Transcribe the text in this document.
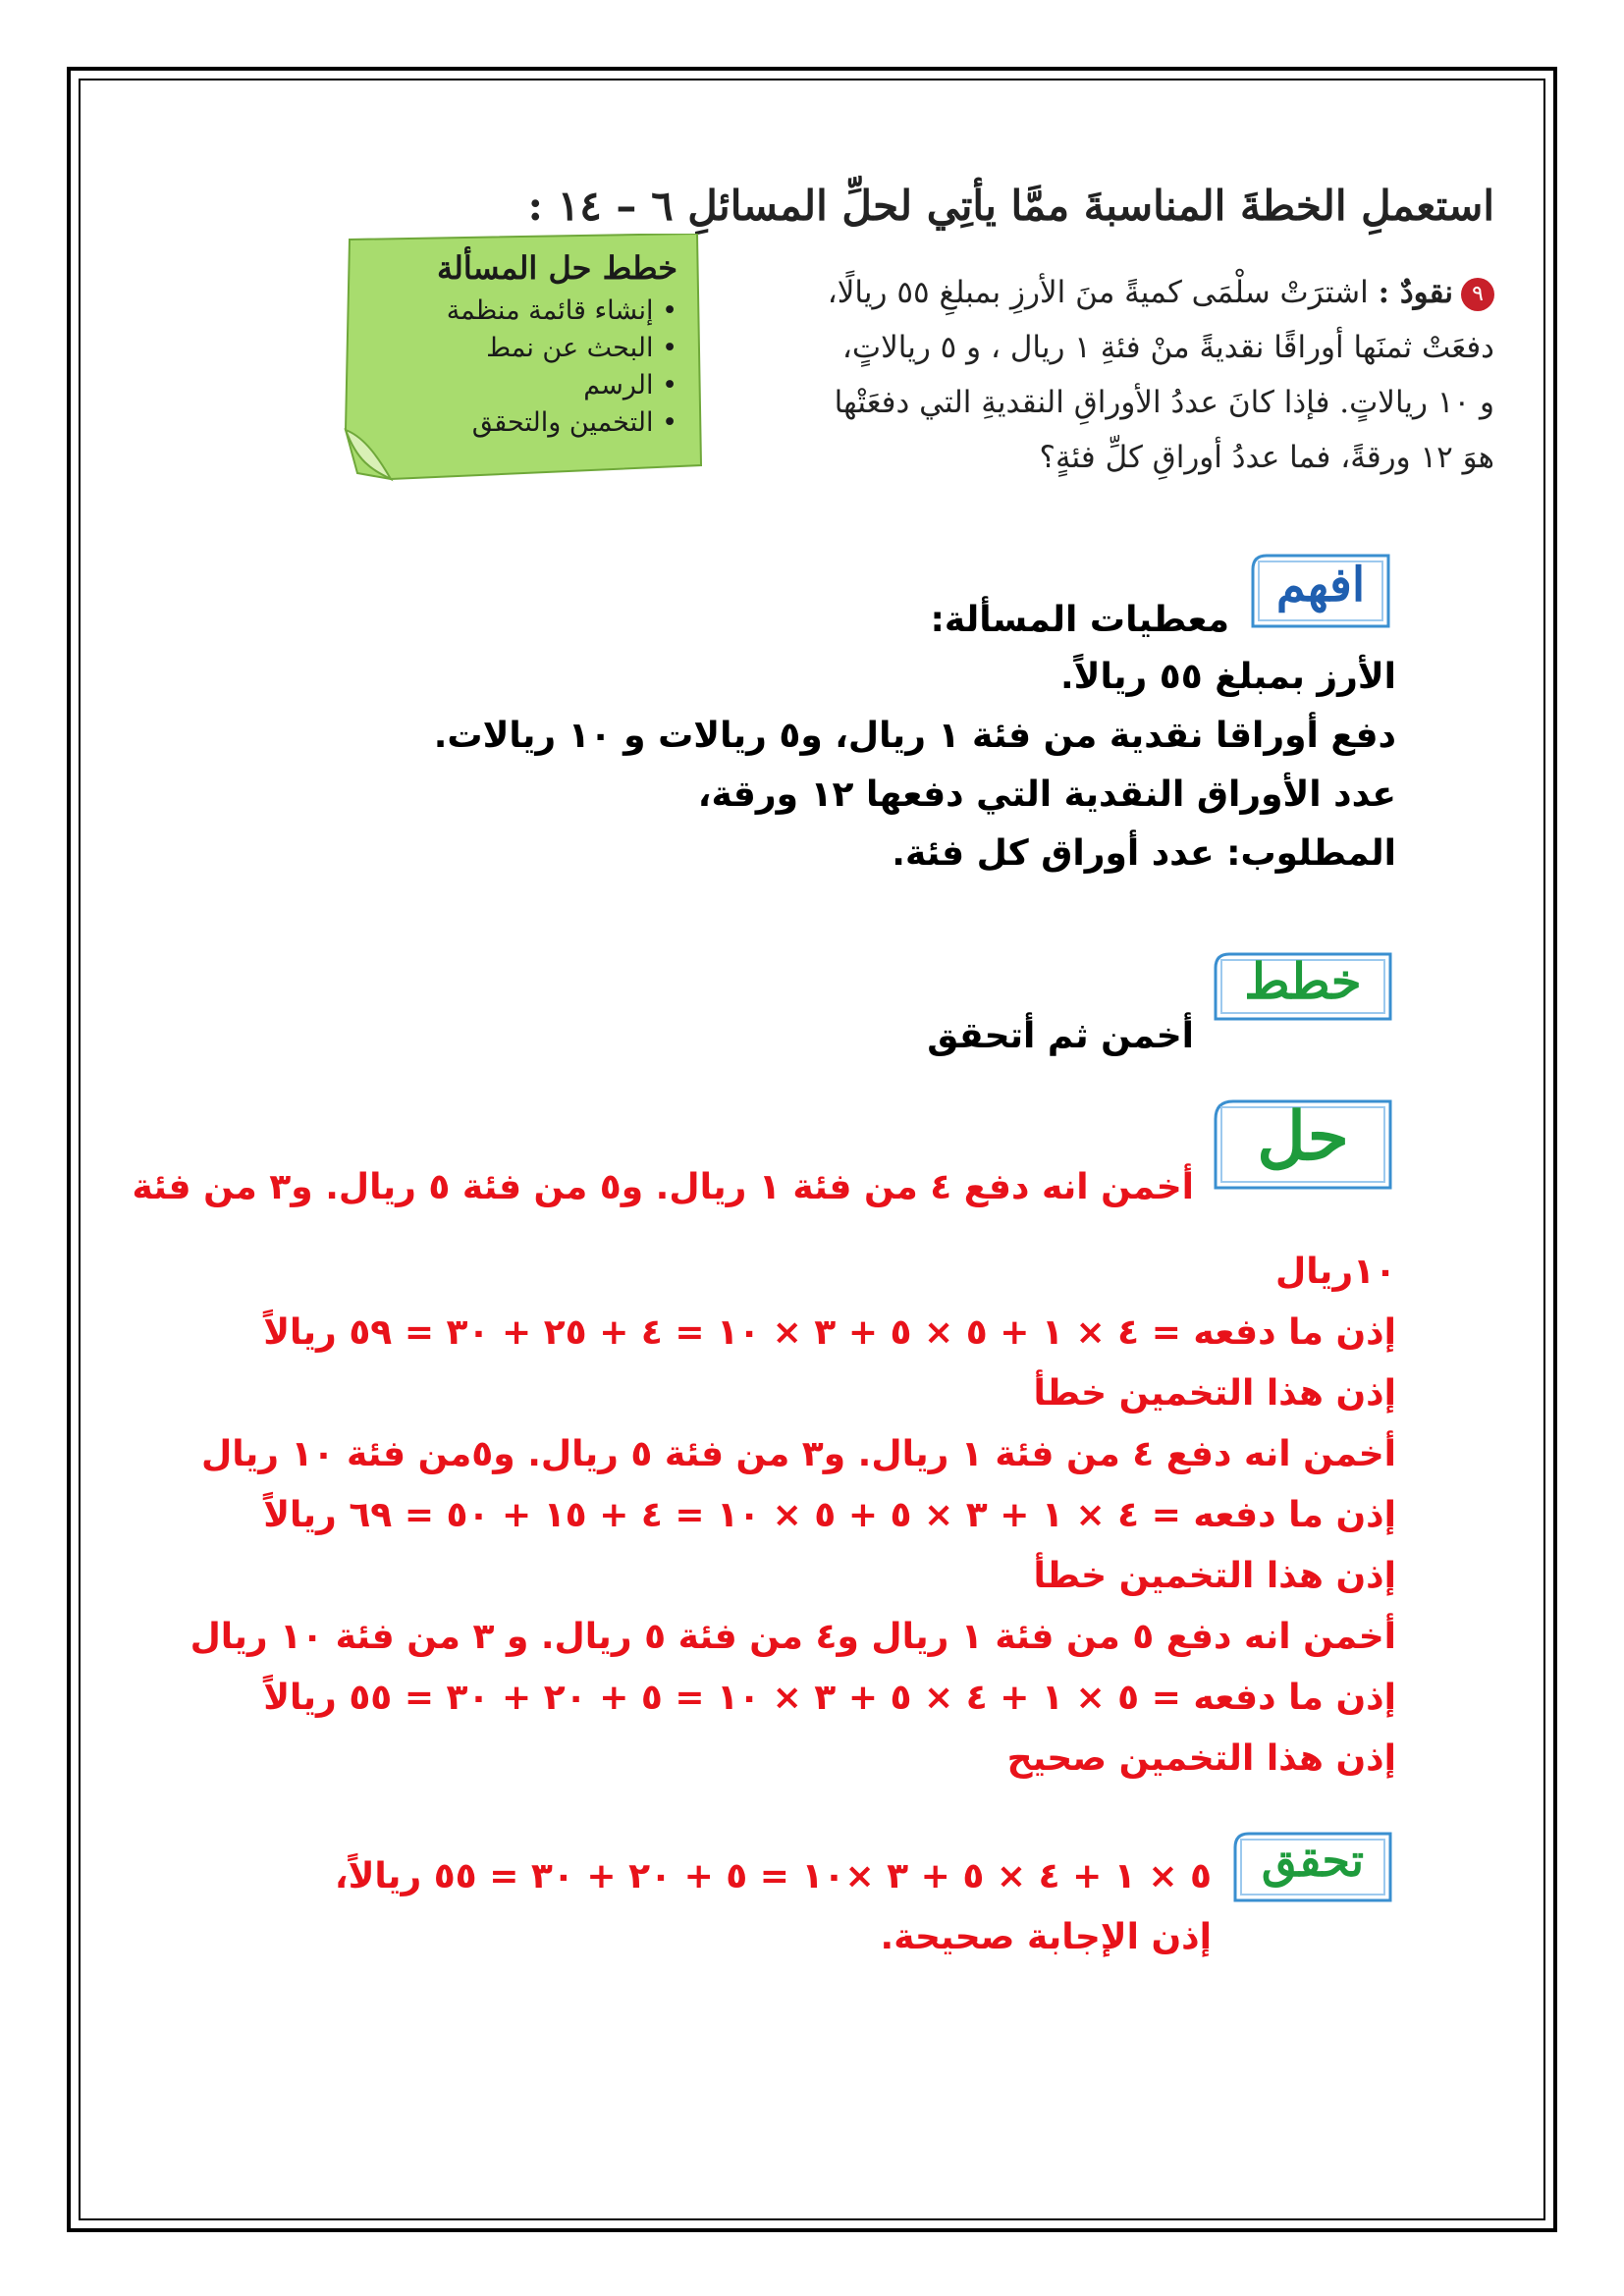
استعملِ الخطةَ المناسبةَ ممَّا يأتِي لحلِّ المسائلِ ٦ – ١٤ :
٩نقودٌ : اشترَتْ سلْمَى كميةً منَ الأرزِ بمبلغِ ٥٥ ريالًا،
دفعَتْ ثمنَها أوراقًا نقديةً منْ فئةِ ١ ريال ، و ٥ ريالاتٍ،
و ١٠ ريالاتٍ. فإذا كانَ عددُ الأوراقِ النقديةِ التي دفعَتْها
هوَ ١٢ ورقةً، فما عددُ أوراقِ كلِّ فئةٍ؟
خطط حل المسألة
• إنشاء قائمة منظمة
• البحث عن نمط
• الرسم
• التخمين والتحقق
افهم
معطيات المسألة:
الأرز بمبلغ ٥٥ ريالاً.
دفع أوراقا نقدية من فئة ١ ريال، و٥ ريالات و ١٠ ريالات.
عدد الأوراق النقدية التي دفعها ١٢ ورقة،
المطلوب: عدد أوراق كل فئة.
خطط
أخمن ثم أتحقق
حل
أخمن انه دفع ٤ من فئة ١ ريال. و٥ من فئة ٥ ريال. و٣ من فئة
١٠ريال
إذن ما دفعه = ٤ × ١ + ٥ × ٥ + ٣ × ١٠ = ٤ + ٢٥ + ٣٠ = ٥٩ ريالاً
إذن هذا التخمين خطأ
أخمن انه دفع ٤ من فئة ١ ريال. و٣ من فئة ٥ ريال. و٥من فئة ١٠ ريال
إذن ما دفعه = ٤ × ١ + ٣ × ٥ + ٥ × ١٠ = ٤ + ١٥ + ٥٠ = ٦٩ ريالاً
إذن هذا التخمين خطأ
أخمن انه دفع ٥ من فئة ١ ريال و٤ من فئة ٥ ريال. و ٣ من فئة ١٠ ريال
إذن ما دفعه = ٥ × ١ + ٤ × ٥ + ٣ × ١٠ = ٥ + ٢٠ + ٣٠ = ٥٥ ريالاً
إذن هذا التخمين صحيح
تحقق
٥ × ١ + ٤ × ٥ + ٣ ×١٠ = ٥ + ٢٠ + ٣٠ = ٥٥ ريالاً،
إذن الإجابة صحيحة.
